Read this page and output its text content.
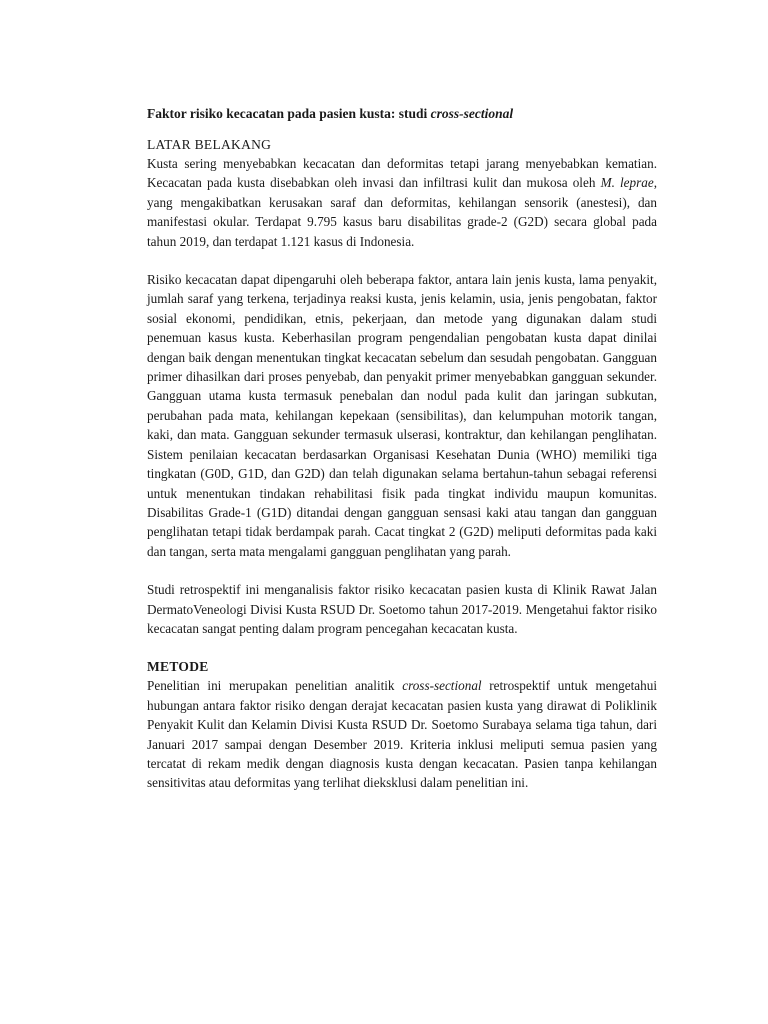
Faktor risiko kecacatan pada pasien kusta: studi cross-sectional
LATAR BELAKANG

Kusta sering menyebabkan kecacatan dan deformitas tetapi jarang menyebabkan kematian. Kecacatan pada kusta disebabkan oleh invasi dan infiltrasi kulit dan mukosa oleh M. leprae, yang mengakibatkan kerusakan saraf dan deformitas, kehilangan sensorik (anestesi), dan manifestasi okular. Terdapat 9.795 kasus baru disabilitas grade-2 (G2D) secara global pada tahun 2019, dan terdapat 1.121 kasus di Indonesia.

Risiko kecacatan dapat dipengaruhi oleh beberapa faktor, antara lain jenis kusta, lama penyakit, jumlah saraf yang terkena, terjadinya reaksi kusta, jenis kelamin, usia, jenis pengobatan, faktor sosial ekonomi, pendidikan, etnis, pekerjaan, dan metode yang digunakan dalam studi penemuan kasus kusta. Keberhasilan program pengendalian pengobatan kusta dapat dinilai dengan baik dengan menentukan tingkat kecacatan sebelum dan sesudah pengobatan. Gangguan primer dihasilkan dari proses penyebab, dan penyakit primer menyebabkan gangguan sekunder. Gangguan utama kusta termasuk penebalan dan nodul pada kulit dan jaringan subkutan, perubahan pada mata, kehilangan kepekaan (sensibilitas), dan kelumpuhan motorik tangan, kaki, dan mata. Gangguan sekunder termasuk ulserasi, kontraktur, dan kehilangan penglihatan. Sistem penilaian kecacatan berdasarkan Organisasi Kesehatan Dunia (WHO) memiliki tiga tingkatan (G0D, G1D, dan G2D) dan telah digunakan selama bertahun-tahun sebagai referensi untuk menentukan tindakan rehabilitasi fisik pada tingkat individu maupun komunitas. Disabilitas Grade-1 (G1D) ditandai dengan gangguan sensasi kaki atau tangan dan gangguan penglihatan tetapi tidak berdampak parah. Cacat tingkat 2 (G2D) meliputi deformitas pada kaki dan tangan, serta mata mengalami gangguan penglihatan yang parah.

Studi retrospektif ini menganalisis faktor risiko kecacatan pasien kusta di Klinik Rawat Jalan DermatoVeneologi Divisi Kusta RSUD Dr. Soetomo tahun 2017-2019. Mengetahui faktor risiko kecacatan sangat penting dalam program pencegahan kecacatan kusta.

METODE

Penelitian ini merupakan penelitian analitik cross-sectional retrospektif untuk mengetahui hubungan antara faktor risiko dengan derajat kecacatan pasien kusta yang dirawat di Poliklinik Penyakit Kulit dan Kelamin Divisi Kusta RSUD Dr. Soetomo Surabaya selama tiga tahun, dari Januari 2017 sampai dengan Desember 2019. Kriteria inklusi meliputi semua pasien yang tercatat di rekam medik dengan diagnosis kusta dengan kecacatan. Pasien tanpa kehilangan sensitivitas atau deformitas yang terlihat dieksklusi dalam penelitian ini.
